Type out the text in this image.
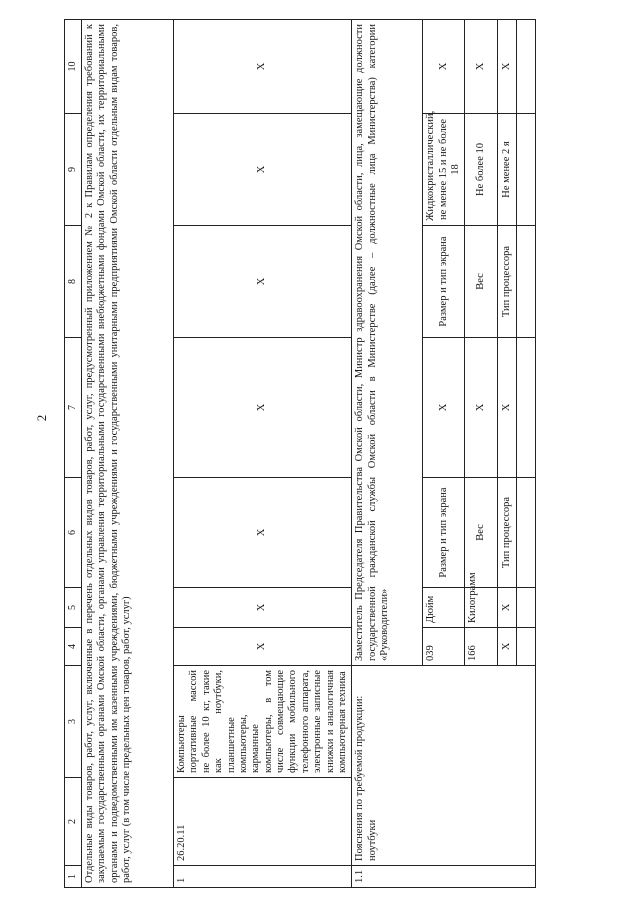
2
1	2	3	4	5	6	7	8	9	10
Отдельные виды товаров, работ, услуг, включенные в перечень отдельных видов товаров, работ, услуг, предусмотренный приложением № 2 к Правилам определения требований к закупаемым государственными органами Омской области, органами управления территориальными государственными внебюджетными фондами Омской области, их территориальными органами и подведомственными им казенными учреждениями, бюджетными учреждениями и государственными унитарными предприятиями Омской области отдельным видам товаров, работ, услуг (в том числе предельных цен товаров, работ, услуг)									
1	26.20.11	Компьютеры портативные массой не более 10 кг, такие как ноутбуки, планшетные компьютеры, карманные компьютеры, в том числе совмещающие функции мобильного телефонного аппарата, электронные записные книжки и аналогичная компьютерная техника	X	X	X	X	X	X	X
1.1	Пояснения по требуемой продукции: ноутбуки		Заместитель Председателя Правительства Омской области, Министр здравоохранения Омской области, лица, замещающие должности государственной гражданской службы Омской области в Министерстве (далее – должностные лица Министерства) категории «Руководители»						
			039	Дюйм	Размер и тип экрана	X	Размер и тип экрана	Жидкокристаллический, не менее 15 и не более 18	X
			166	Килограмм	Вес	X	Вес	Не более 10	X
			X	X	Тип процессора	X	Тип процессора	Не менее 2 я	X
